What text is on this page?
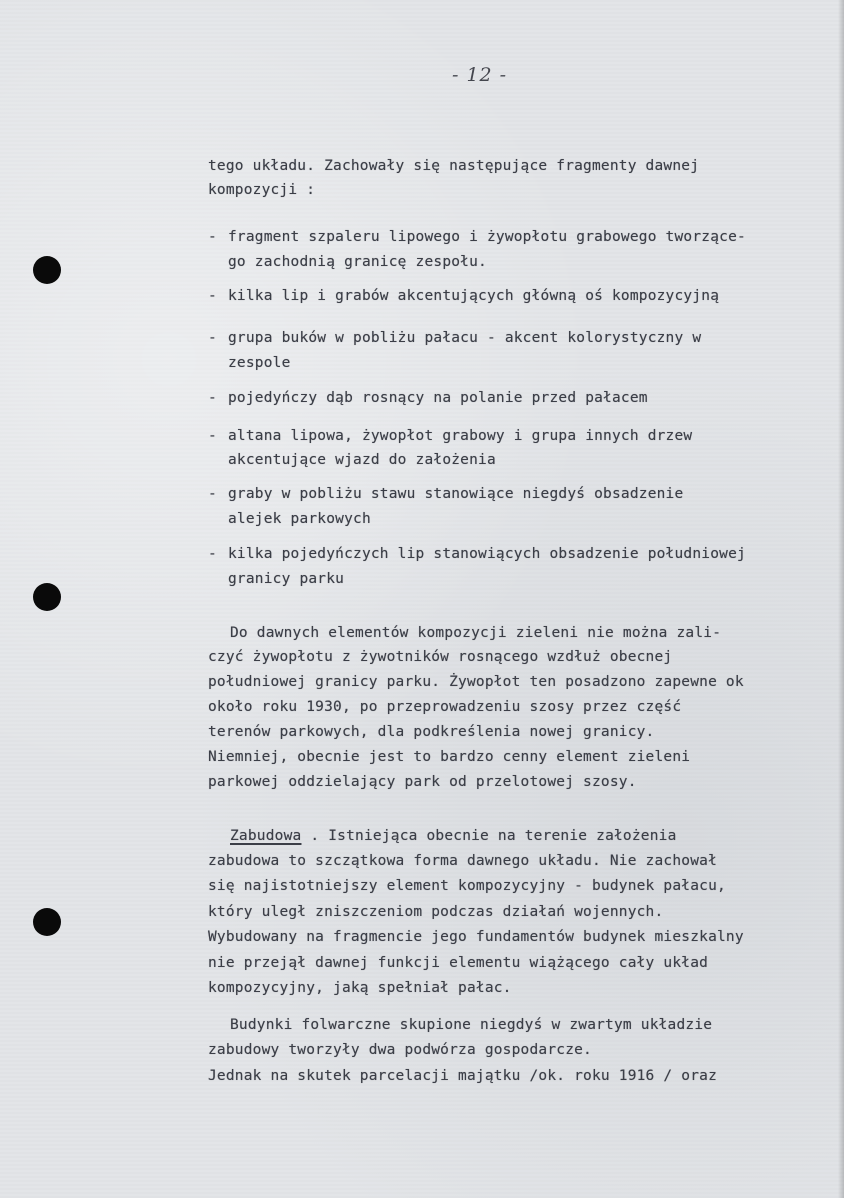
- 12 -
tego układu. Zachowały się następujące fragmenty dawnej
kompozycji :
- fragment szpaleru lipowego i żywopłotu grabowego tworzące-
go zachodnią granicę zespołu.
- kilka lip i grabów akcentujących główną oś kompozycyjną
- grupa buków w pobliżu pałacu - akcent kolorystyczny w
zespole
- pojedyńczy dąb rosnący na polanie przed pałacem
- altana lipowa, żywopłot grabowy i grupa innych drzew
akcentujące wjazd do założenia
- graby w pobliżu stawu stanowiące niegdyś obsadzenie
alejek parkowych
- kilka pojedyńczych lip stanowiących obsadzenie południowej
granicy parku
Do dawnych elementów kompozycji zieleni nie można zali-
czyć żywopłotu z żywotników rosnącego wzdłuż obecnej
południowej granicy parku. Żywopłot ten posadzono zapewne ok
około roku 1930, po przeprowadzeniu szosy przez część
terenów parkowych, dla podkreślenia nowej granicy.
Niemniej, obecnie jest to bardzo cenny element zieleni
parkowej oddzielający park od przelotowej szosy.
Zabudowa . Istniejąca obecnie na terenie założenia
zabudowa to szczątkowa forma dawnego układu. Nie zachował
się najistotniejszy element kompozycyjny - budynek pałacu,
który uległ zniszczeniom podczas działań wojennych.
Wybudowany na fragmencie jego fundamentów budynek mieszkalny
nie przejął dawnej funkcji elementu wiążącego cały układ
kompozycyjny, jaką spełniał pałac.
Budynki folwarczne skupione niegdyś w zwartym układzie
zabudowy tworzyły dwa podwórza gospodarcze.
Jednak na skutek parcelacji majątku /ok. roku 1916 / oraz
